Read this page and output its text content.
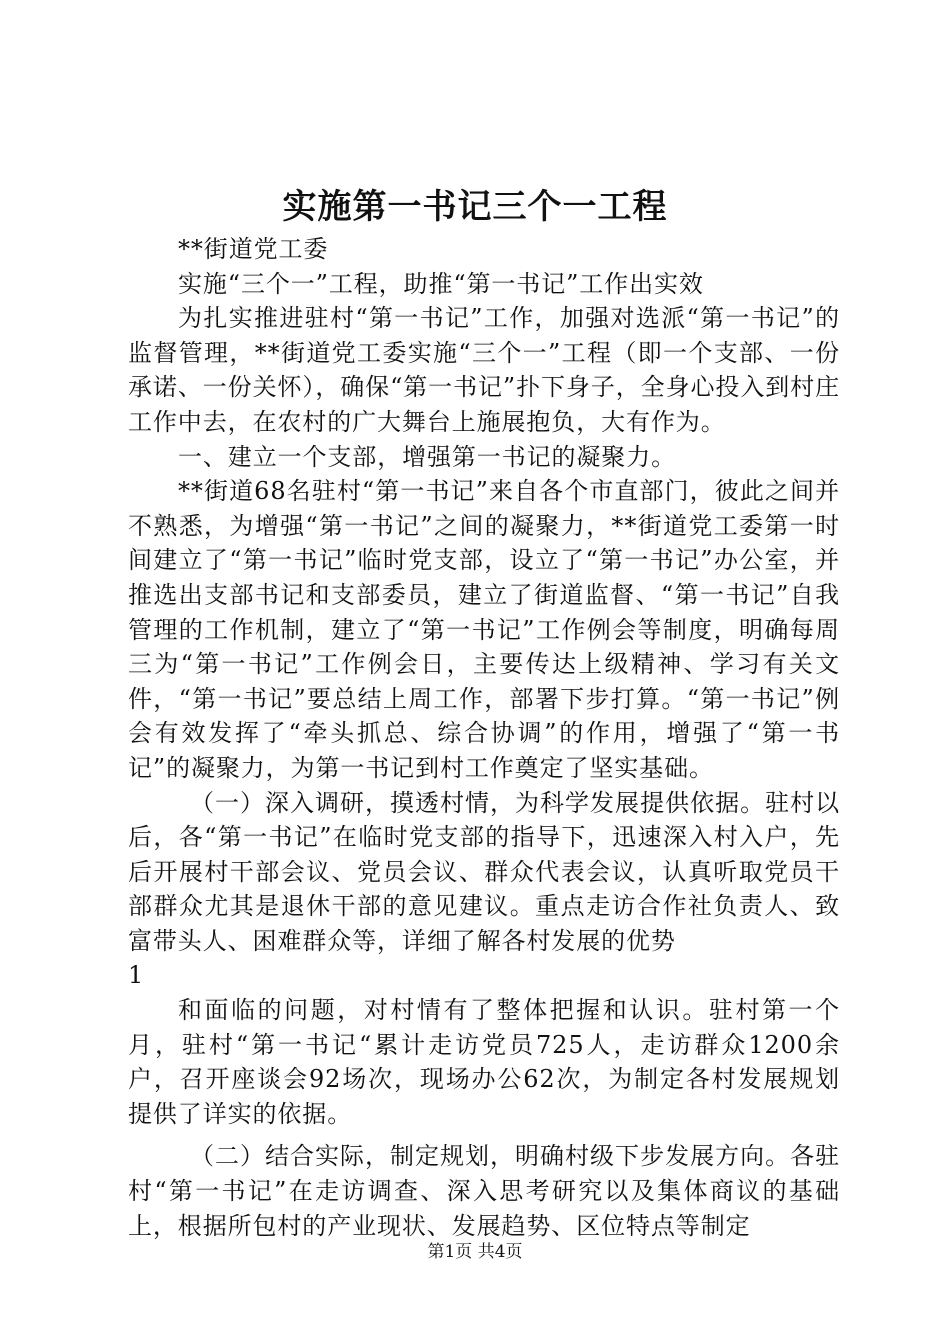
实施第一书记三个一工程

**街道党工委

实施“三个一”工程，助推“第一书记”工作出实效

为扎实推进驻村“第一书记”工作，加强对选派“第一书记”的监督管理，**街道党工委实施“三个一”工程（即一个支部、一份承诺、一份关怀），确保“第一书记”扑下身子，全身心投入到村庄工作中去，在农村的广大舞台上施展抱负，大有作为。

一、建立一个支部，增强第一书记的凝聚力。

**街道68名驻村“第一书记”来自各个市直部门，彼此之间并不熟悉，为增强“第一书记”之间的凝聚力，**街道党工委第一时间建立了“第一书记”临时党支部，设立了“第一书记”办公室，并推选出支部书记和支部委员，建立了街道监督、“第一书记”自我管理的工作机制，建立了“第一书记”工作例会等制度，明确每周三为“第一书记”工作例会日，主要传达上级精神、学习有关文件，“第一书记”要总结上周工作，部署下步打算。“第一书记”例会有效发挥了“牵头抓总、综合协调”的作用，增强了“第一书记”的凝聚力，为第一书记到村工作奠定了坚实基础。

（一）深入调研，摸透村情，为科学发展提供依据。驻村以后，各“第一书记”在临时党支部的指导下，迅速深入村入户，先后开展村干部会议、党员会议、群众代表会议，认真听取党员干部群众尤其是退休干部的意见建议。重点走访合作社负责人、致富带头人、困难群众等，详细了解各村发展的优势

1

和面临的问题，对村情有了整体把握和认识。驻村第一个月，驻村“第一书记“累计走访党员725人，走访群众1200余户，召开座谈会92场次，现场办公62次，为制定各村发展规划提供了详实的依据。

（二）结合实际，制定规划，明确村级下步发展方向。各驻村“第一书记”在走访调查、深入思考研究以及集体商议的基础上，根据所包村的产业现状、发展趋势、区位特点等制定

第1页 共4页
